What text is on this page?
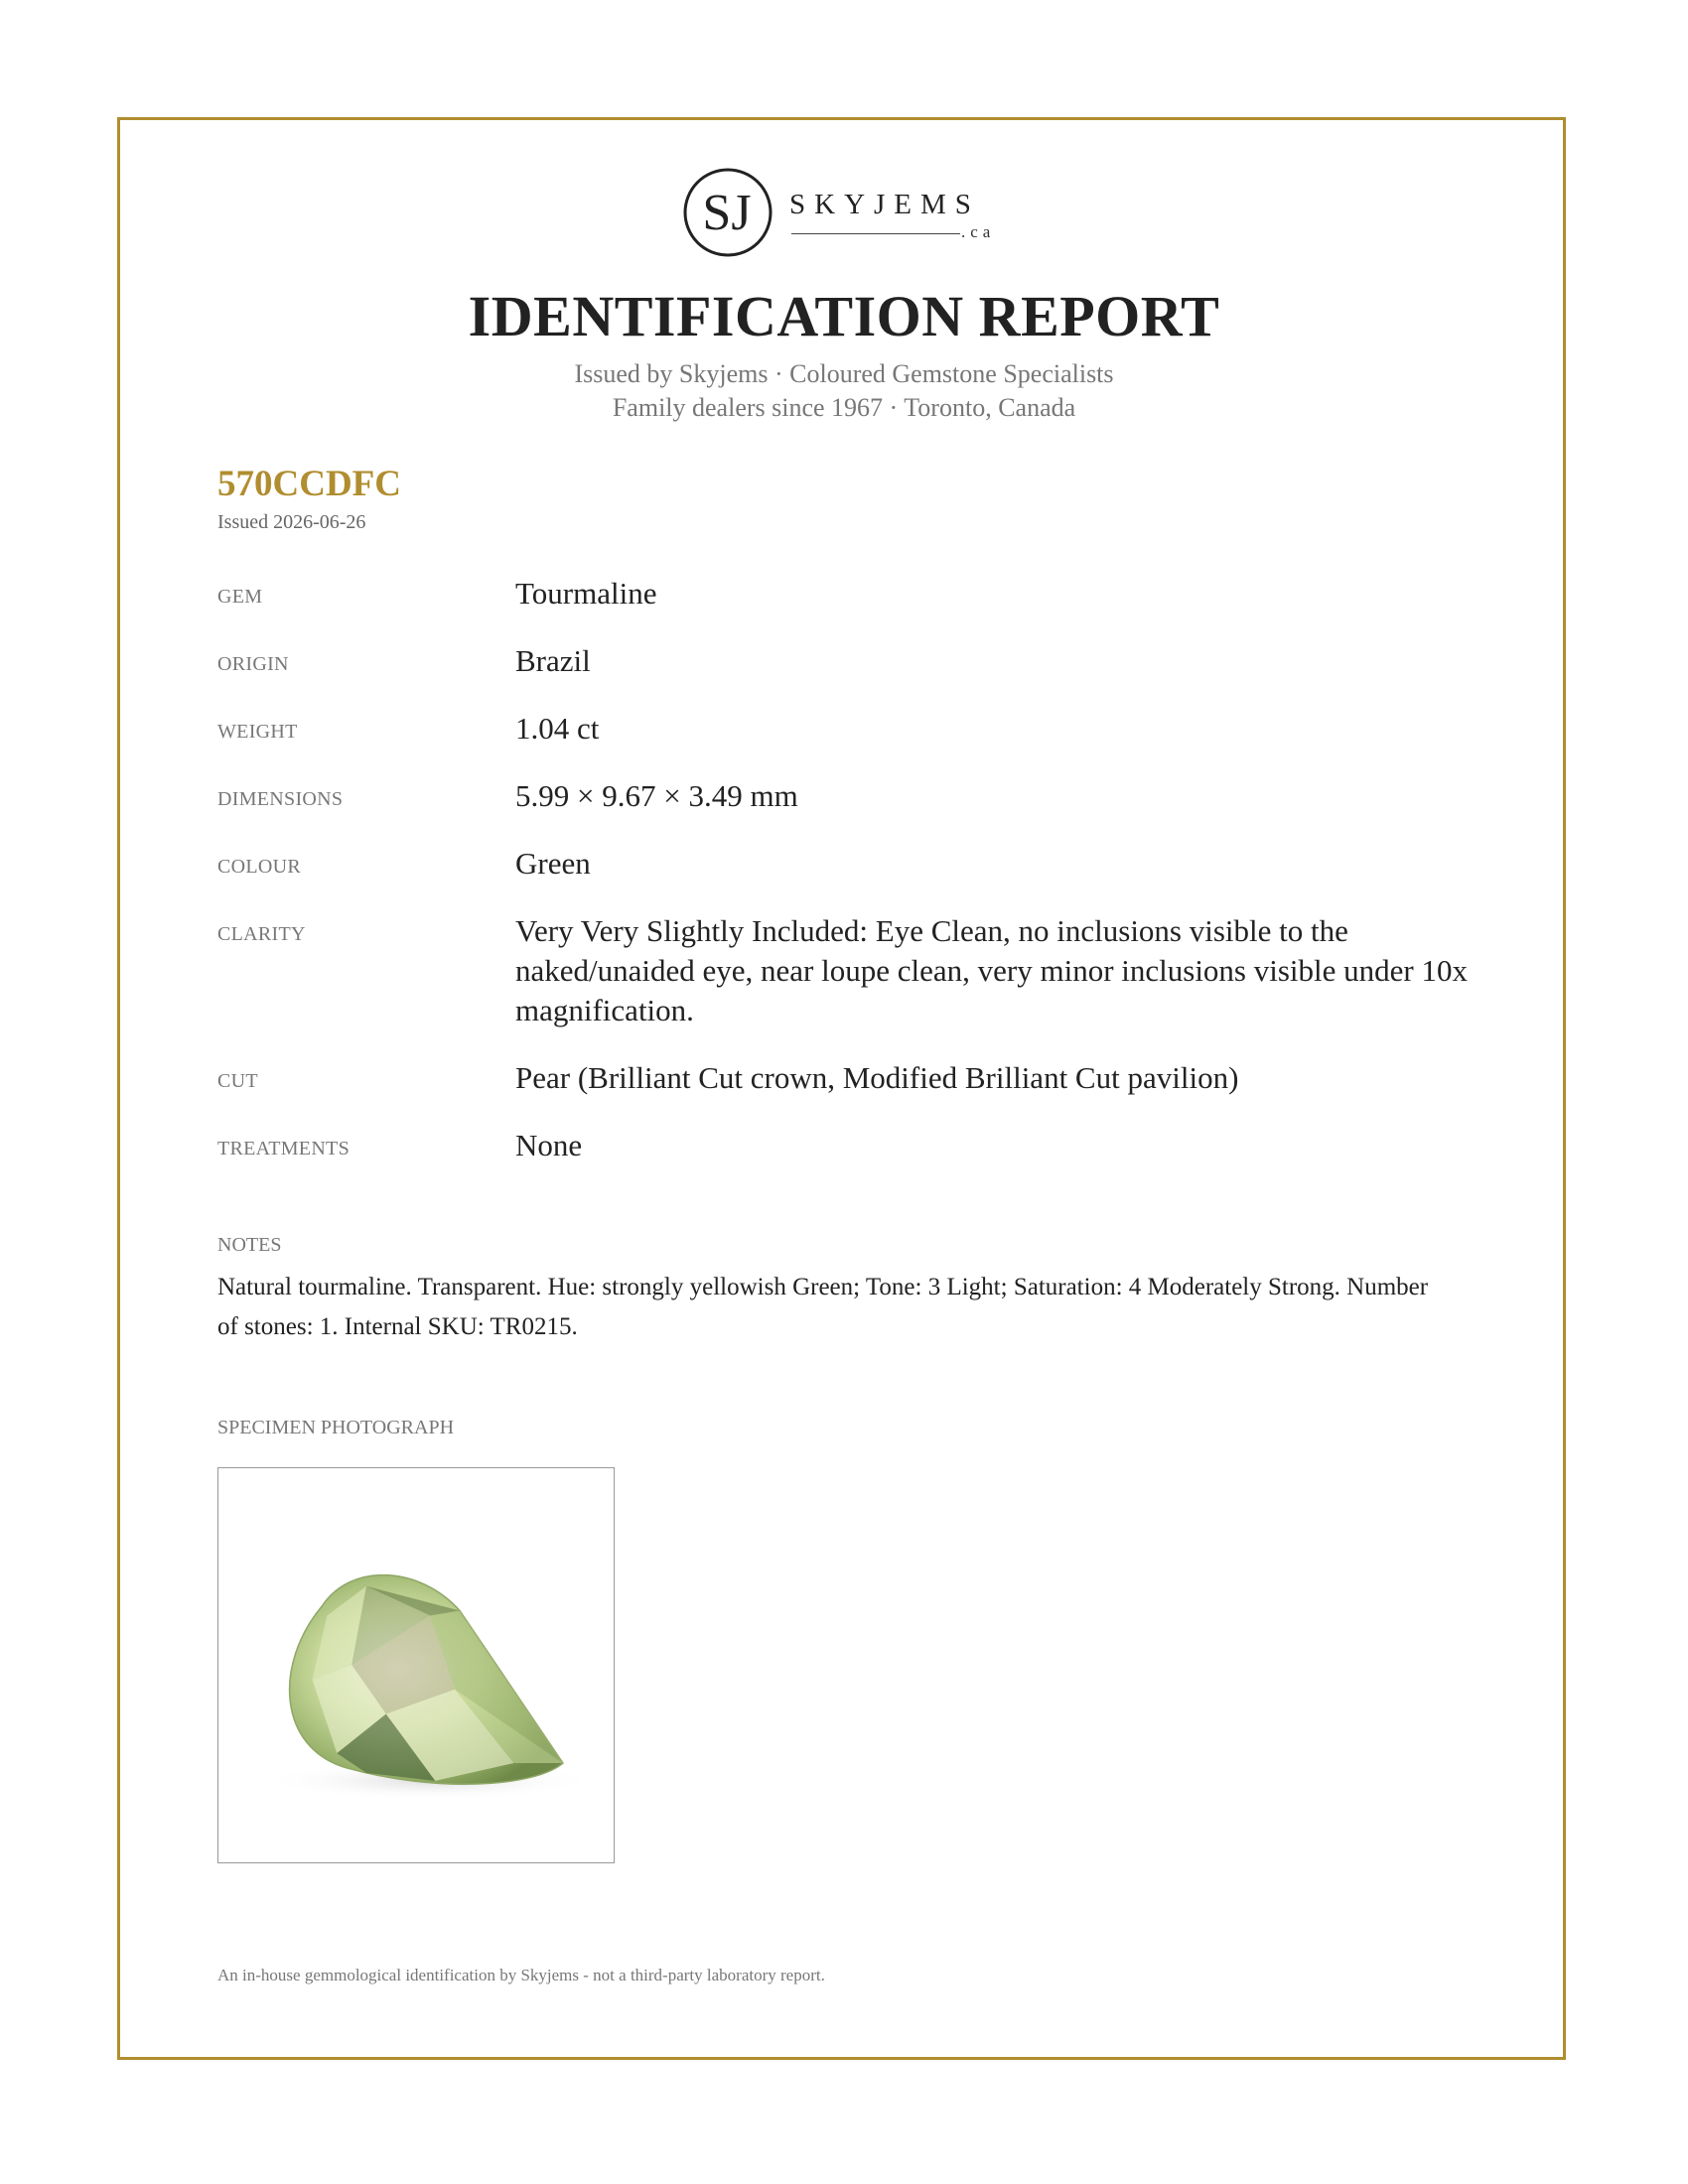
SJ SKYJEMS
.ca
IDENTIFICATION REPORT
Issued by Skyjems · Coloured Gemstone Specialists
Family dealers since 1967 · Toronto, Canada
570CCDFC
Issued 2026-06-26
GEM	Tourmaline
ORIGIN	Brazil
WEIGHT	1.04 ct
DIMENSIONS	5.99 × 9.67 × 3.49 mm
COLOUR	Green
CLARITY	Very Very Slightly Included: Eye Clean, no inclusions visible to the naked/unaided eye, near loupe clean, very minor inclusions visible under 10x magnification.
CUT	Pear (Brilliant Cut crown, Modified Brilliant Cut pavilion)
TREATMENTS	None
NOTES
Natural tourmaline. Transparent. Hue: strongly yellowish Green; Tone: 3 Light; Saturation: 4 Moderately Strong. Number of stones: 1. Internal SKU: TR0215.
SPECIMEN PHOTOGRAPH
An in-house gemmological identification by Skyjems - not a third-party laboratory report.
